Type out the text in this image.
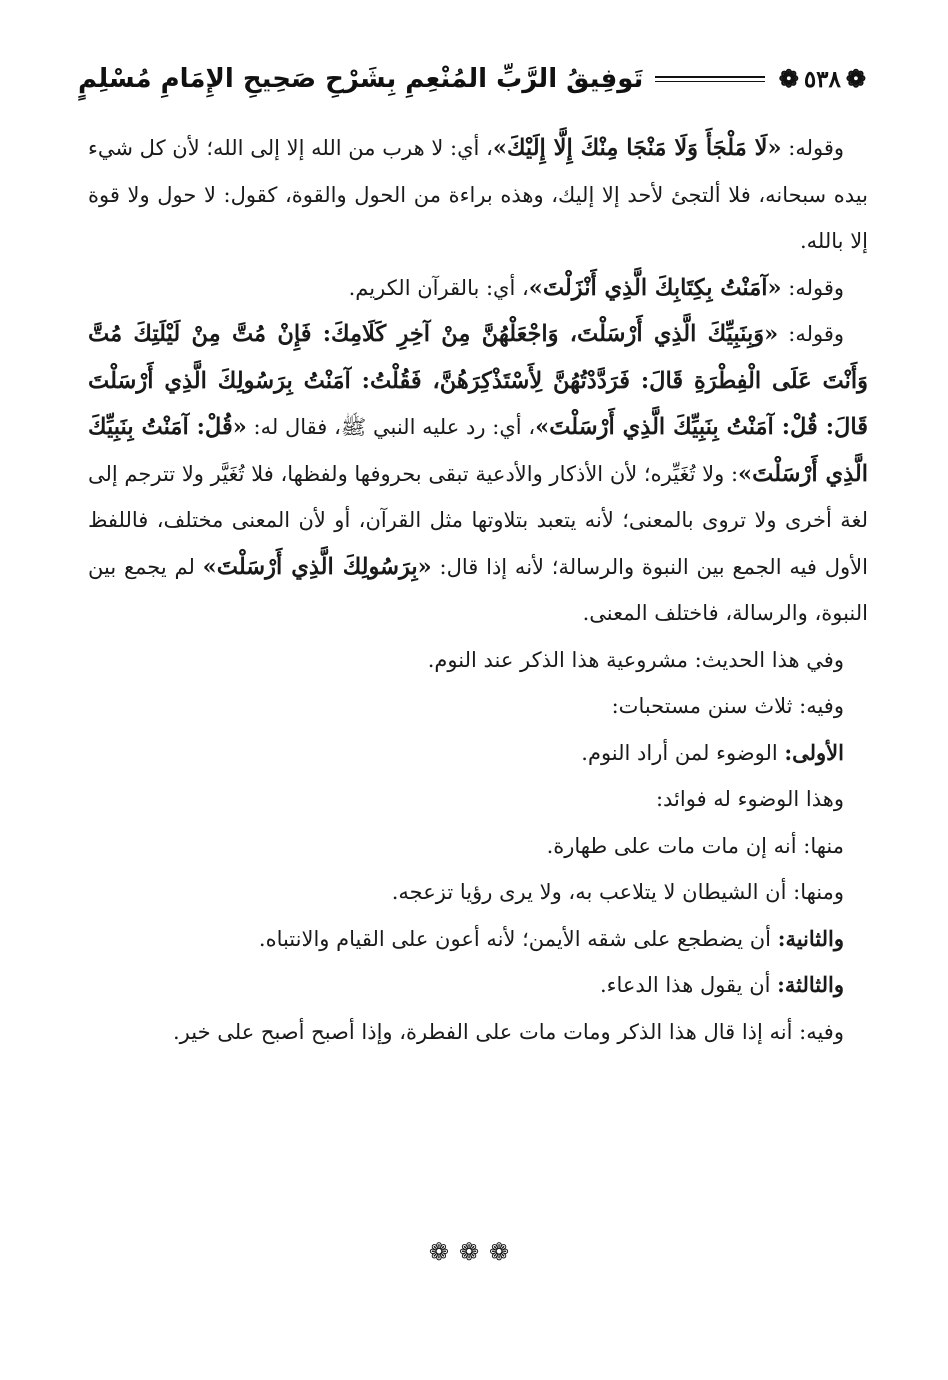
❁
٥٣٨
❁
تَوفِيقُ الرَّبِّ المُنْعِمِ بِشَرْحِ صَحِيحِ الإِمَامِ مُسْلِمٍ

وقوله: «لَا مَلْجَأَ وَلَا مَنْجَا مِنْكَ إِلَّا إِلَيْكَ»، أي: لا هرب من الله إلا إلى الله؛ لأن كل شيء بيده سبحانه، فلا ألتجئ لأحد إلا إليك، وهذه براءة من الحول والقوة، كقول: لا حول ولا قوة إلا بالله.

وقوله: «آمَنْتُ بِكِتَابِكَ الَّذِي أَنْزَلْتَ»، أي: بالقرآن الكريم.

وقوله: «وَبِنَبِيِّكَ الَّذِي أَرْسَلْتَ، وَاجْعَلْهُنَّ مِنْ آخِرِ كَلَامِكَ: فَإِنْ مُتَّ مِنْ لَيْلَتِكَ مُتَّ وَأَنْتَ عَلَى الْفِطْرَةِ قَالَ: فَرَدَّدْتُهُنَّ لِأَسْتَذْكِرَهُنَّ، فَقُلْتُ: آمَنْتُ بِرَسُولِكَ الَّذِي أَرْسَلْتَ قَالَ: قُلْ: آمَنْتُ بِنَبِيِّكَ الَّذِي أَرْسَلْتَ»، أي: رد عليه النبي ﷺ، فقال له: «قُلْ: آمَنْتُ بِنَبِيِّكَ الَّذِي أَرْسَلْتَ»: ولا تُغَيِّره؛ لأن الأذكار والأدعية تبقى بحروفها ولفظها، فلا تُغَيَّر ولا تترجم إلى لغة أخرى ولا تروى بالمعنى؛ لأنه يتعبد بتلاوتها مثل القرآن، أو لأن المعنى مختلف، فاللفظ الأول فيه الجمع بين النبوة والرسالة؛ لأنه إذا قال: «بِرَسُولِكَ الَّذِي أَرْسَلْتَ» لم يجمع بين النبوة، والرسالة، فاختلف المعنى.

وفي هذا الحديث: مشروعية هذا الذكر عند النوم.

وفيه: ثلاث سنن مستحبات:

الأولى: الوضوء لمن أراد النوم.

وهذا الوضوء له فوائد:

منها: أنه إن مات مات على طهارة.

ومنها: أن الشيطان لا يتلاعب به، ولا يرى رؤيا تزعجه.

والثانية: أن يضطجع على شقه الأيمن؛ لأنه أعون على القيام والانتباه.

والثالثة: أن يقول هذا الدعاء.

وفيه: أنه إذا قال هذا الذكر ومات مات على الفطرة، وإذا أصبح أصبح على خير.

❁❁❁
